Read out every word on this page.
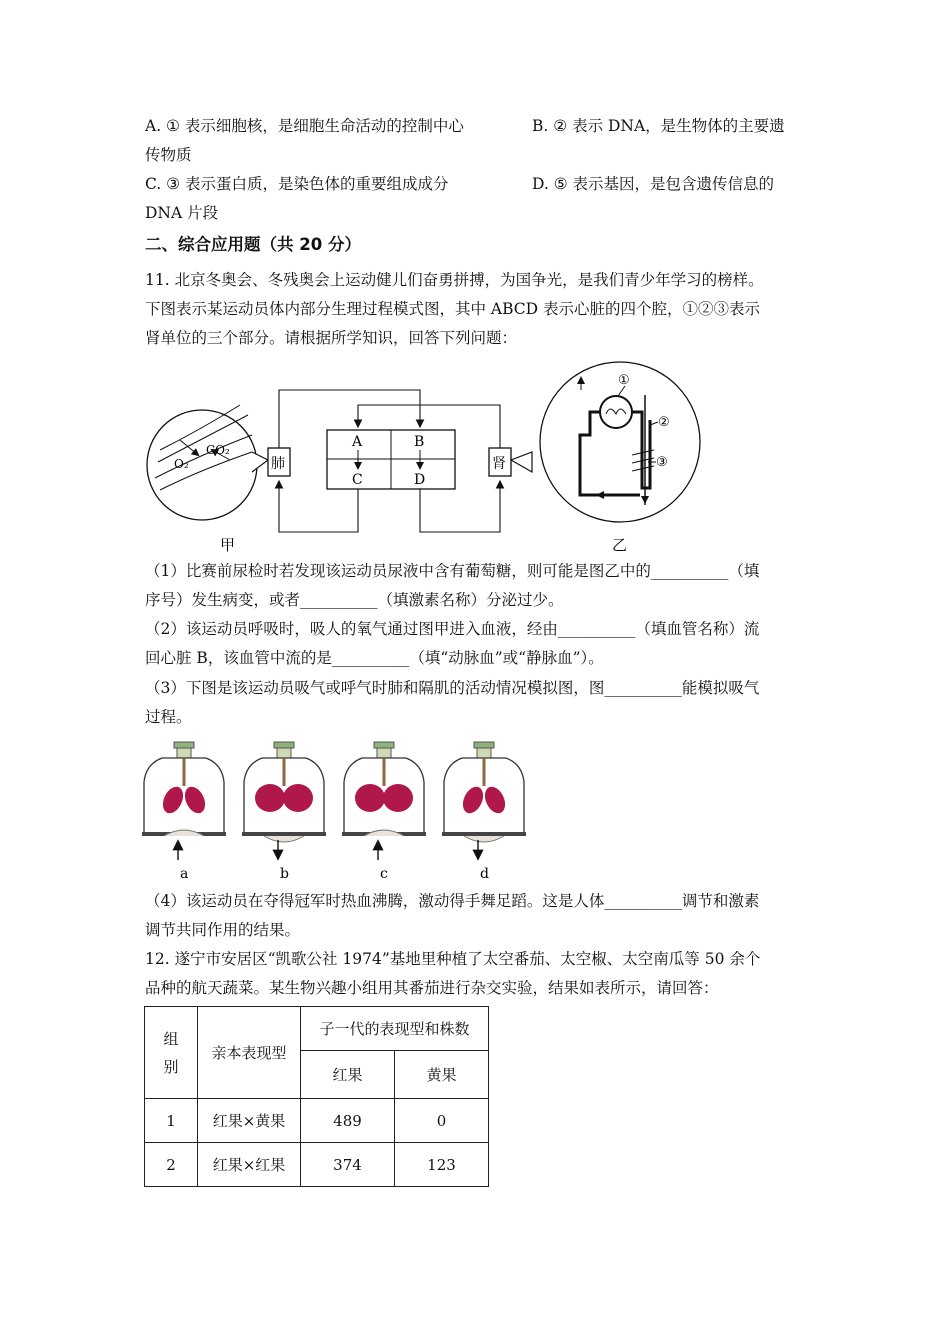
A. ① 表示细胞核，是细胞生命活动的控制中心	B. ② 表示 DNA，是生物体的主要遗
传物质
C. ③ 表示蛋白质，是染色体的重要组成成分	D. ⑤ 表示基因，是包含遗传信息的
DNA 片段
二、综合应用题（共 20 分）
11. 北京冬奥会、冬残奥会上运动健儿们奋勇拼搏，为国争光，是我们青少年学习的榜样。
下图表示某运动员体内部分生理过程模式图，其中 ABCD 表示心脏的四个腔，①②③表示
肾单位的三个部分。请根据所学知识，回答下列问题：
CO₂
O₂	肺
A	B
C	D
肾
①
②
③
甲	乙
（1）比赛前尿检时若发现该运动员尿液中含有葡萄糖，则可能是图乙中的__________（填
序号）发生病变，或者__________（填激素名称）分泌过少。
（2）该运动员呼吸时，吸人的氧气通过图甲进入血液，经由__________（填血管名称）流
回心脏 B，该血管中流的是__________（填“动脉血”或“静脉血”）。
（3）下图是该运动员吸气或呼气时肺和隔肌的活动情况模拟图，图__________能模拟吸气
过程。
a	b	c	d
（4）该运动员在夺得冠军时热血沸腾，激动得手舞足蹈。这是人体__________调节和激素
调节共同作用的结果。
12. 遂宁市安居区“凯歌公社 1974”基地里种植了太空番茄、太空椒、太空南瓜等 50 余个
品种的航天蔬菜。某生物兴趣小组用其番茄进行杂交实验，结果如表所示，请回答：
组别	亲本表现型	子一代的表现型和株数	
		红果	黄果
1	红果×黄果	489	0
2	红果×红果	374	123
